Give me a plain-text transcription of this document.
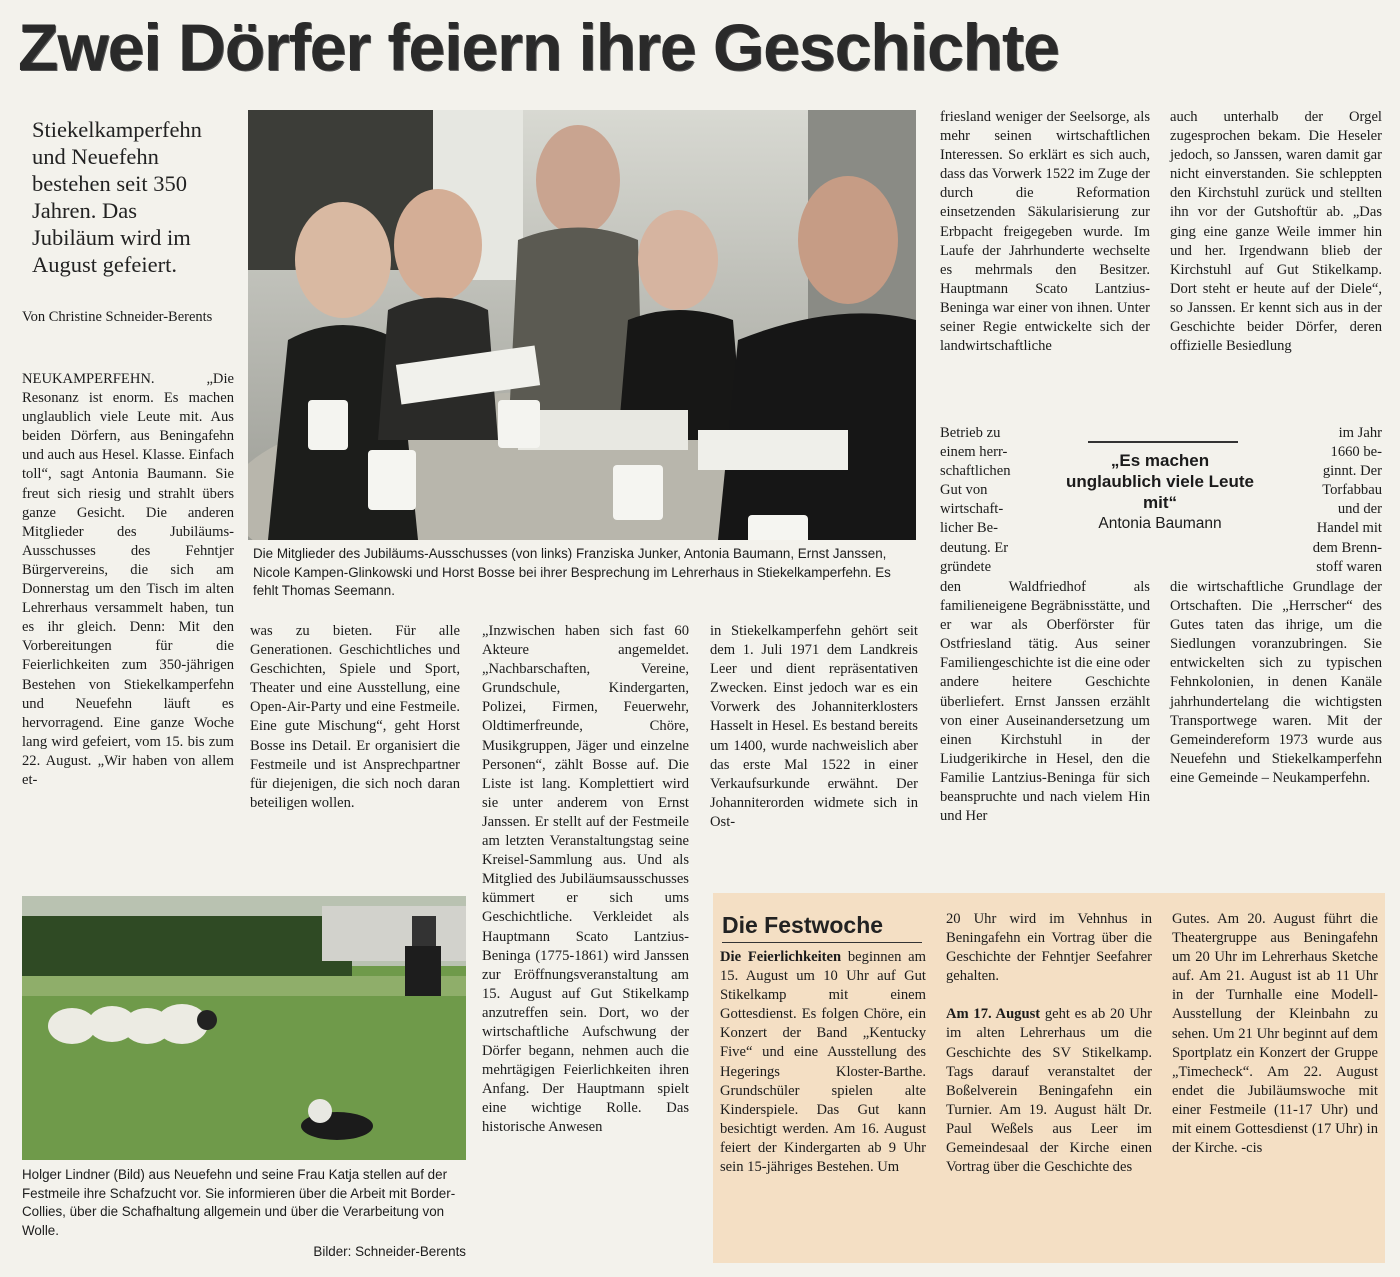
Zwei Dörfer feiern ihre Geschichte
Stiekelkamperfehn und Neuefehn bestehen seit 350 Jahren. Das Jubiläum wird im August gefeiert.
Von Christine Schneider-Berents
NEUKAMPERFEHN.	„Die Resonanz ist enorm. Es machen unglaublich viele Leute mit. Aus beiden Dörfern, aus Beningafehn und auch aus Hesel. Klasse. Einfach toll“, sagt Antonia Baumann. Sie freut sich riesig und strahlt übers ganze Gesicht. Die anderen Mitglieder des Jubiläums-Ausschusses des Fehntjer Bürgervereins, die sich am Donnerstag um den Tisch im alten Lehrerhaus versammelt haben, tun es ihr gleich. Denn: Mit den Vorbereitungen für die Feierlichkeiten zum 350-jährigen Bestehen von Stiekelkamperfehn und Neuefehn läuft es hervorragend. Eine ganze Woche lang wird gefeiert, vom 15. bis zum 22. August. „Wir haben von allem et-
Die Mitglieder des Jubiläums-Ausschusses (von links) Franziska Junker, Antonia Baumann, Ernst Janssen, Nicole Kampen-Glinkowski und Horst Bosse bei ihrer Besprechung im Lehrerhaus in Stiekelkamperfehn. Es fehlt Thomas Seemann.
was zu bieten. Für alle Generationen. Geschichtliches und Geschichten, Spiele und Sport, Theater und eine Ausstellung, eine Open-Air-Party und eine Festmeile. Eine gute Mischung“, geht Horst Bosse ins Detail. Er organisiert die Festmeile und ist Ansprechpartner für diejenigen, die sich noch daran beteiligen wollen.
„Inzwischen haben sich fast 60 Akteure angemeldet. „Nachbarschaften, Vereine, Grundschule, Kindergarten, Polizei, Firmen, Feuerwehr, Oldtimerfreunde, Chöre, Musikgruppen, Jäger und einzelne Personen“, zählt Bosse auf. Die Liste ist lang. Komplettiert wird sie unter anderem von Ernst Janssen. Er stellt auf der Festmeile am letzten Veranstaltungstag seine Kreisel-Sammlung aus. Und als Mitglied des Jubiläumsausschusses kümmert er sich ums Geschichtliche. Verkleidet als Hauptmann Scato Lantzius-Beninga (1775-1861) wird Janssen zur Eröffnungsveranstaltung am 15. August auf Gut Stikelkamp anzutreffen sein. Dort, wo der wirtschaftliche Aufschwung der Dörfer begann, nehmen auch die mehrtägigen Feierlichkeiten ihren Anfang. Der Hauptmann spielt eine wichtige Rolle. Das historische Anwesen
in Stiekelkamperfehn gehört seit dem 1. Juli 1971 dem Landkreis Leer und dient repräsentativen Zwecken. Einst jedoch war es ein Vorwerk des Johanniterklosters Hasselt in Hesel. Es bestand bereits um 1400, wurde nachweislich aber das erste Mal 1522 in einer Verkaufsurkunde erwähnt. Der Johanniterorden widmete sich in Ost-
friesland weniger der Seelsorge, als mehr seinen wirtschaftlichen Interessen. So erklärt es sich auch, dass das Vorwerk 1522 im Zuge der durch die Reformation einsetzenden Säkularisierung zur Erbpacht freigegeben wurde. Im Laufe der Jahrhunderte wechselte es mehrmals den Besitzer. Hauptmann Scato Lantzius-Beninga war einer von ihnen. Unter seiner Regie entwickelte sich der landwirtschaftliche
Betrieb zu
einem herr-
schaftlichen
Gut von
wirtschaft-
licher Be-
deutung. Er
gründete
den Waldfriedhof als familieneigene Begräbnisstätte, und er war als Oberförster für Ostfriesland tätig. Aus seiner Familiengeschichte ist die eine oder andere heitere Geschichte überliefert. Ernst Janssen erzählt von einer Auseinandersetzung um einen Kirchstuhl in der Liudgerikirche in Hesel, den die Familie Lantzius-Beninga für sich beanspruchte und nach vielem Hin und Her
„Es machen unglaublich viele Leute mit“
Antonia Baumann
auch unterhalb der Orgel zugesprochen bekam. Die Heseler jedoch, so Janssen, waren damit gar nicht einverstanden. Sie schleppten den Kirchstuhl zurück und stellten ihn vor der Gutshoftür ab. „Das ging eine ganze Weile immer hin und her. Irgendwann blieb der Kirchstuhl auf Gut Stikelkamp. Dort steht er heute auf der Diele“, so Janssen. Er kennt sich aus in der Geschichte beider Dörfer, deren offizielle Besiedlung
im Jahr
1660 be-
ginnt. Der
Torfabbau
und der
Handel mit
dem Brenn-
stoff waren
die wirtschaftliche Grundlage der Ortschaften. Die „Herrscher“ des Gutes taten das ihrige, um die Siedlungen voranzubringen. Sie entwickelten sich zu typischen Fehnkolonien, in denen Kanäle jahrhundertelang die wichtigsten Transportwege waren. Mit der Gemeindereform 1973 wurde aus Neuefehn und Stiekelkamperfehn eine Gemeinde – Neukamperfehn.
Holger Lindner (Bild) aus Neuefehn und seine Frau Katja stellen auf der Festmeile ihre Schafzucht vor. Sie informieren über die Arbeit mit Border-Collies, über die Schafhaltung allgemein und über die Verarbeitung von Wolle.
Bilder: Schneider-Berents
Die Festwoche
Die Feierlichkeiten beginnen am 15. August um 10 Uhr auf Gut Stikelkamp mit einem Gottesdienst. Es folgen Chöre, ein Konzert der Band „Kentucky Five“ und eine Ausstellung des Hegerings Kloster-Barthe. Grundschüler spielen alte Kinderspiele. Das Gut kann besichtigt werden. Am 16. August feiert der Kindergarten ab 9 Uhr sein 15-jähriges Bestehen. Um

20 Uhr wird im Vehnhus in Beningafehn ein Vortrag über die Geschichte der Fehntjer Seefahrer gehalten.

Am 17. August geht es ab 20 Uhr im alten Lehrerhaus um die Geschichte des SV Stikelkamp. Tags darauf veranstaltet der Boßelverein Beningafehn ein Turnier. Am 19. August hält Dr. Paul Weßels aus Leer im Gemeindesaal der Kirche einen Vortrag über die Geschichte des

Gutes. Am 20. August führt die Theatergruppe aus Beningafehn um 20 Uhr im Lehrerhaus Sketche auf. Am 21. August ist ab 11 Uhr in der Turnhalle eine Modell-Ausstellung der Kleinbahn zu sehen. Um 21 Uhr beginnt auf dem Sportplatz ein Konzert der Gruppe „Timecheck“. Am 22. August endet die Jubiläumswoche mit einer Festmeile (11-17 Uhr) und mit einem Gottesdienst (17 Uhr) in der Kirche. -cis
